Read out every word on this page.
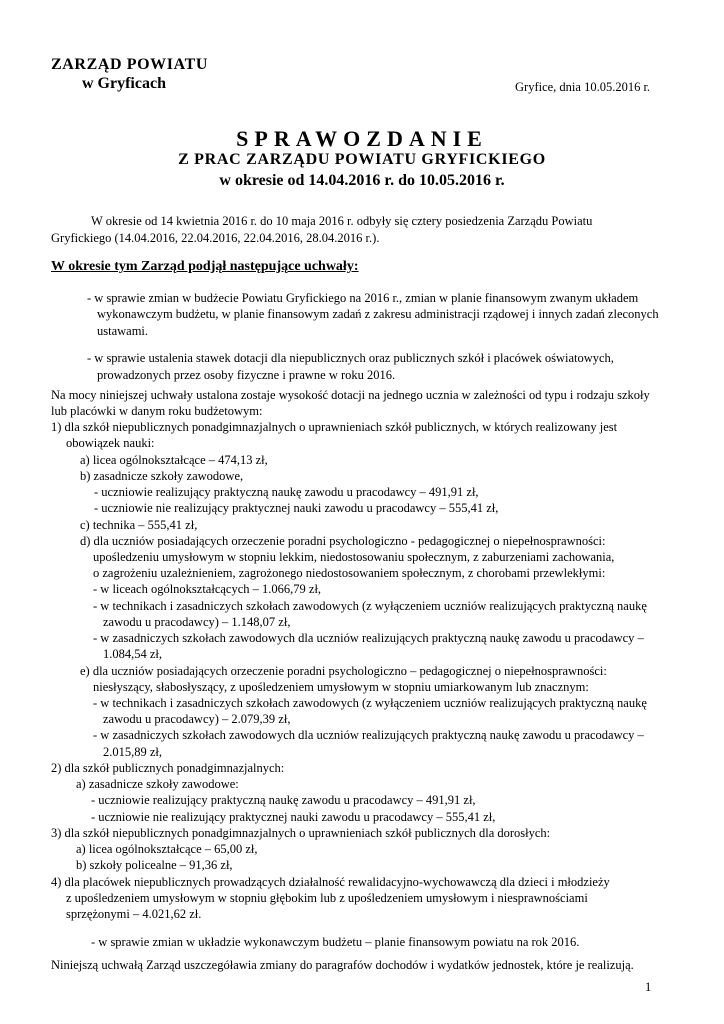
ZARZĄD POWIATU
w Gryficach	Gryfice, dnia 10.05.2016 r.
SPRAWOZDANIE
Z PRAC ZARZĄDU POWIATU GRYFICKIEGO
w okresie od 14.04.2016 r. do 10.05.2016 r.
W okresie od 14 kwietnia 2016 r. do 10 maja 2016 r. odbyły się cztery posiedzenia Zarządu Powiatu
Gryfickiego (14.04.2016, 22.04.2016, 22.04.2016, 28.04.2016 r.).
W okresie tym Zarząd podjął następujące uchwały:
- w sprawie zmian w budżecie Powiatu Gryfickiego na 2016 r., zmian w planie finansowym zwanym układem
wykonawczym budżetu, w planie finansowym zadań z zakresu administracji rządowej i innych zadań zleconych
ustawami.
- w sprawie ustalenia stawek dotacji dla niepublicznych oraz publicznych szkół i placówek oświatowych,
prowadzonych przez osoby fizyczne i prawne w roku 2016.
Na mocy niniejszej uchwały ustalona zostaje wysokość dotacji na jednego ucznia w zależności od typu i rodzaju szkoły
lub placówki w danym roku budżetowym:
1) dla szkół niepublicznych ponadgimnazjalnych o uprawnieniach szkół publicznych, w których realizowany jest
obowiązek nauki:
a) licea ogólnokształcące – 474,13 zł,
b) zasadnicze szkoły zawodowe,
- uczniowie realizujący praktyczną naukę zawodu u pracodawcy – 491,91 zł,
- uczniowie nie realizujący praktycznej nauki zawodu u pracodawcy – 555,41 zł,
c) technika – 555,41 zł,
d) dla uczniów posiadających orzeczenie poradni psychologiczno - pedagogicznej o niepełnosprawności:
upośledzeniu umysłowym w stopniu lekkim, niedostosowaniu społecznym, z zaburzeniami zachowania,
o zagrożeniu uzależnieniem, zagrożonego niedostosowaniem społecznym, z chorobami przewlekłymi:
- w liceach ogólnokształcących – 1.066,79 zł,
- w technikach i zasadniczych szkołach zawodowych (z wyłączeniem uczniów realizujących praktyczną naukę
zawodu u pracodawcy) – 1.148,07 zł,
- w zasadniczych szkołach zawodowych dla uczniów realizujących praktyczną naukę zawodu u pracodawcy –
1.084,54 zł,
e) dla uczniów posiadających orzeczenie poradni psychologiczno – pedagogicznej o niepełnosprawności:
niesłyszący, słabosłyszący, z upośledzeniem umysłowym w stopniu umiarkowanym lub znacznym:
- w technikach i zasadniczych szkołach zawodowych (z wyłączeniem uczniów realizujących praktyczną naukę
zawodu u pracodawcy) – 2.079,39 zł,
- w zasadniczych szkołach zawodowych dla uczniów realizujących praktyczną naukę zawodu u pracodawcy –
2.015,89 zł,
2) dla szkół publicznych ponadgimnazjalnych:
a) zasadnicze szkoły zawodowe:
- uczniowie realizujący praktyczną naukę zawodu u pracodawcy – 491,91 zł,
- uczniowie nie realizujący praktycznej nauki zawodu u pracodawcy – 555,41 zł,
3) dla szkół niepublicznych ponadgimnazjalnych o uprawnieniach szkół publicznych dla dorosłych:
a) licea ogólnokształcące – 65,00 zł,
b) szkoły policealne – 91,36 zł,
4) dla placówek niepublicznych prowadzących działalność rewalidacyjno-wychowawczą dla dzieci i młodzieży
z upośledzeniem umysłowym w stopniu głębokim lub z upośledzeniem umysłowym i niesprawnościami
sprzężonymi – 4.021,62 zł.
- w sprawie zmian w układzie wykonawczym budżetu – planie finansowym powiatu na rok 2016.
Niniejszą uchwałą Zarząd uszczegóławia zmiany do paragrafów dochodów i wydatków jednostek, które je realizują.
1
